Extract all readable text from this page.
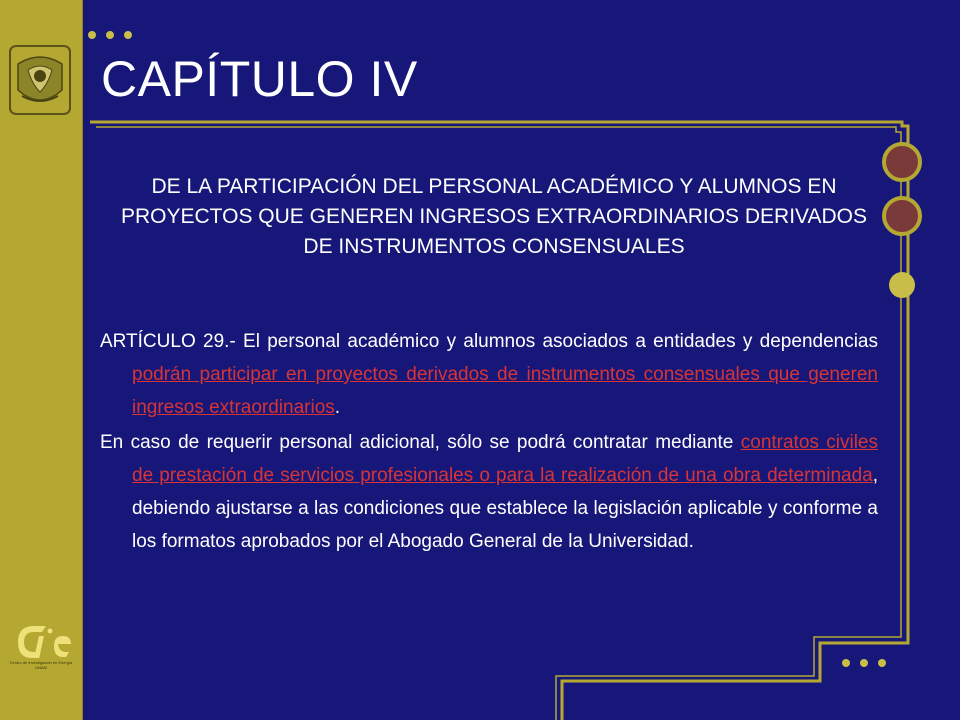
Centro de Investigación en Energía
UNAM
CAPÍTULO IV

DE LA PARTICIPACIÓN DEL PERSONAL ACADÉMICO Y ALUMNOS EN PROYECTOS QUE GENEREN INGRESOS EXTRAORDINARIOS DERIVADOS DE INSTRUMENTOS CONSENSUALES

ARTÍCULO 29.- El personal académico y alumnos asociados a entidades y dependencias podrán participar en proyectos derivados de instrumentos consensuales que generen ingresos extraordinarios.

En caso de requerir personal adicional, sólo se podrá contratar mediante contratos civiles de prestación de servicios profesionales o para la realización de una obra determinada, debiendo ajustarse a las condiciones que establece la legislación aplicable y conforme a los formatos aprobados por el Abogado General de la Universidad.
